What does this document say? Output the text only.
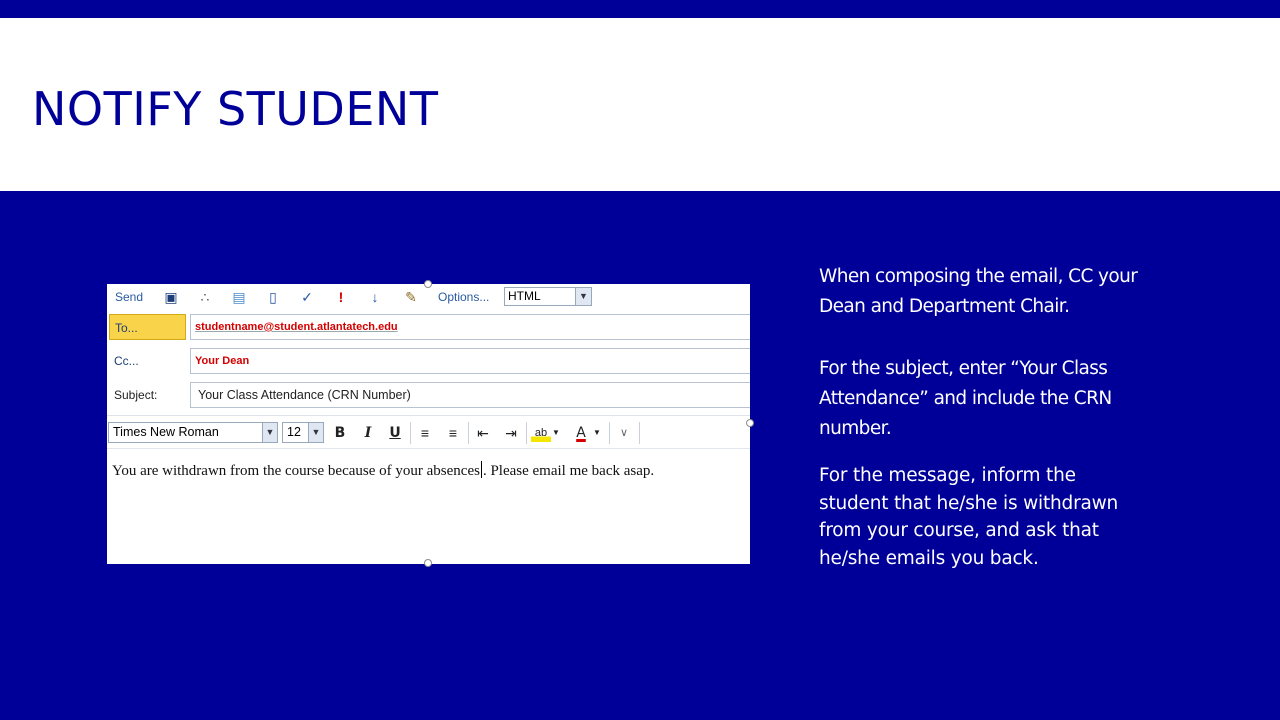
NOTIFY STUDENT
Send ▣	∴	▤	▯	✓	!	↓	✎ Options...	HTML	▼
To...	studentname@student.atlantatech.edu
Cc...	Your Dean
Subject:	Your Class Attendance (CRN Number)
Times New Roman	▼	12	▼	B	I	U	≡	≡	⇤ ⇥	ab ▼	A ▼	∨
You are withdrawn from the course because of your absences . Please email me back asap.

When composing the email, CC your Dean and Department Chair.

For the subject, enter “Your Class Attendance” and include the CRN number.

For the message, inform the student that he/she is withdrawn from your course, and ask that he/she emails you back.
